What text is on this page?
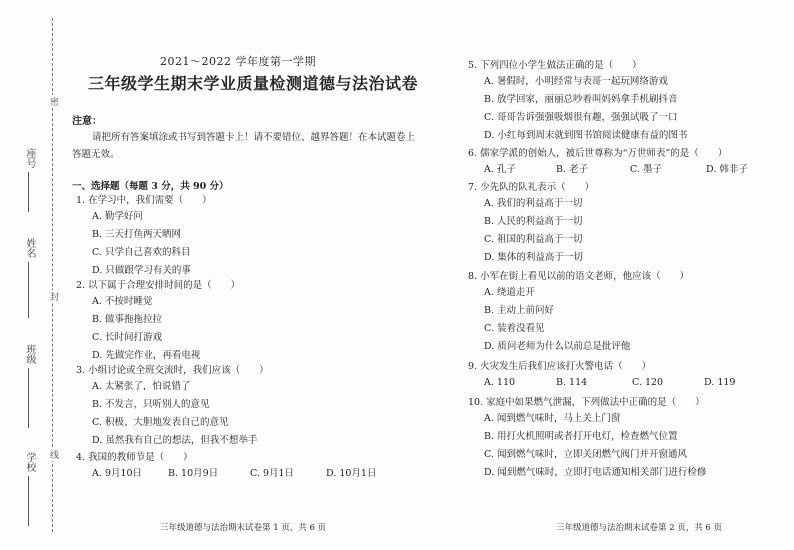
座号
姓名
班级
学校
密
封
线
2021～2022 学年度第一学期
三年级学生期末学业质量检测道德与法治试卷
注意：
请把所有答案填涂或书写到答题卡上！请不要错位、越界答题！在本试题卷上答题无效。
一、选择题（每题 3 分，共 90 分）
1. 在学习中，我们需要（　　）
A. 勤学好问
B. 三天打鱼两天晒网
C. 只学自己喜欢的科目
D. 只做跟学习有关的事
2. 以下属于合理安排时间的是（　　）
A. 不按时睡觉
B. 做事拖拖拉拉
C. 长时间打游戏
D. 先做完作业，再看电视
3. 小组讨论或全班交流时，我们应该（　　）
A. 太紧张了，怕说错了
B. 不发言，只听别人的意见
C. 积极、大胆地发表自己的意见
D. 虽然我有自己的想法，但我不想举手
4. 我国的教师节是（　　）
A. 9月10日	B. 10月9日	C. 9月1日	D. 10月1日
三年级道德与法治期末试卷第 1 页，共 6 页
5. 下列四位小学生做法正确的是（　　）
A. 暑假时，小明经常与表哥一起玩网络游戏
B. 放学回家，丽丽总吵着叫妈妈拿手机刷抖音
C. 哥哥告诉强强吸烟很有趣，强强试吸了一口
D. 小红每到周末就到图书馆阅读健康有益的图书
6. 儒家学派的创始人，被后世尊称为“万世师表”的是（　　）
A. 孔子	B. 老子	C. 墨子	D. 韩非子
7. 少先队的队礼表示（　　）
A. 我们的利益高于一切
B. 人民的利益高于一切
C. 祖国的利益高于一切
D. 集体的利益高于一切
8. 小军在街上看见以前的语文老师，他应该（　　）
A. 绕道走开
B. 主动上前问好
C. 装着没看见
D. 质问老师为什么以前总是批评他
9. 火灾发生后我们应该打火警电话（　　）
A. 110	B. 114	C. 120	D. 119
10. 家庭中如果燃气泄漏，下列做法中正确的是（　　）
A. 闻到燃气味时，马上关上门窗
B. 用打火机照明或者打开电灯，检查燃气位置
C. 闻到燃气味时，立即关闭燃气阀门并开窗通风
D. 闻到燃气味时，立即打电话通知相关部门进行检修
三年级道德与法治期末试卷第 2 页，共 6 页
